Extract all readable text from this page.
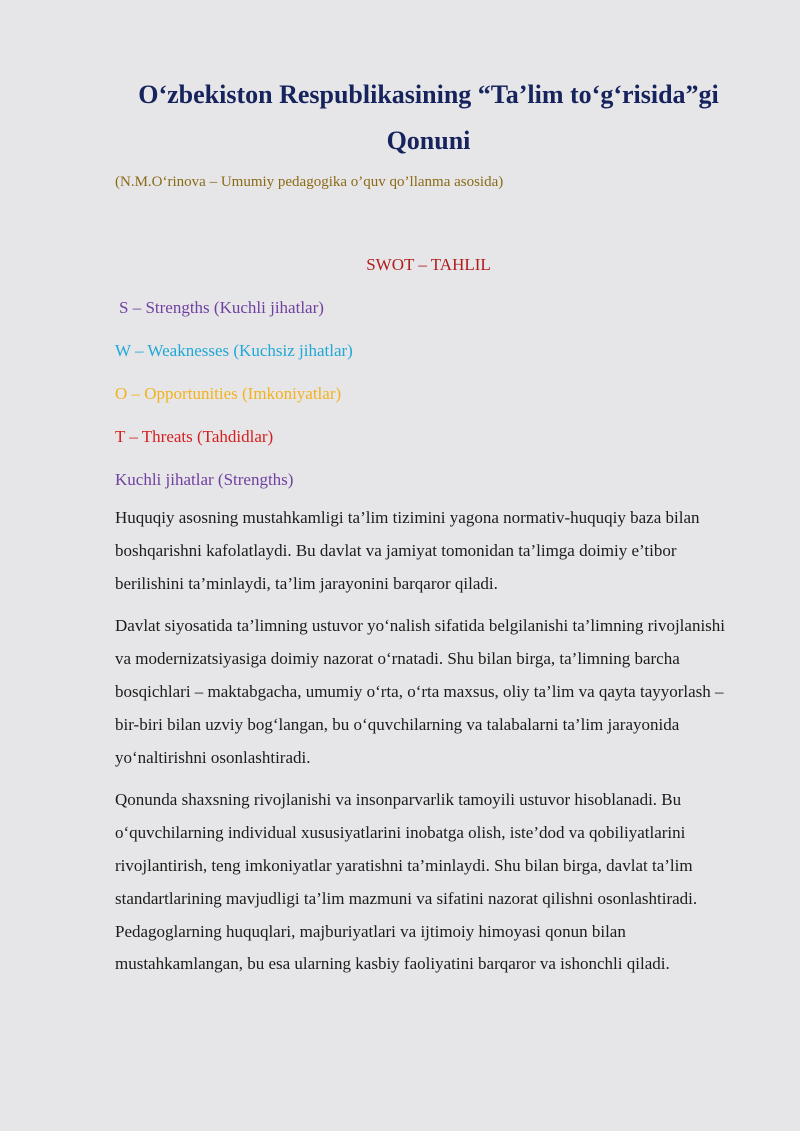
O‘zbekiston Respublikasining “Ta’lim to‘g‘risida”gi Qonuni

(N.M.O‘rinova – Umumiy pedagogika o’quv qo’llanma asosida)

SWOT – TAHLIL

S – Strengths (Kuchli jihatlar)

W – Weaknesses (Kuchsiz jihatlar)

O – Opportunities (Imkoniyatlar)

T – Threats (Tahdidlar)

Kuchli jihatlar (Strengths)

Huquqiy asosning mustahkamligi ta’lim tizimini yagona normativ-huquqiy baza bilan boshqarishni kafolatlaydi. Bu davlat va jamiyat tomonidan ta’limga doimiy e’tibor berilishini ta’minlaydi, ta’lim jarayonini barqaror qiladi.

Davlat siyosatida ta’limning ustuvor yo‘nalish sifatida belgilanishi ta’limning rivojlanishi va modernizatsiyasiga doimiy nazorat o‘rnatadi. Shu bilan birga, ta’limning barcha bosqichlari – maktabgacha, umumiy o‘rta, o‘rta maxsus, oliy ta’lim va qayta tayyorlash – bir-biri bilan uzviy bog‘langan, bu o‘quvchilarning va talabalarni ta’lim jarayonida yo‘naltirishni osonlashtiradi.

Qonunda shaxsning rivojlanishi va insonparvarlik tamoyili ustuvor hisoblanadi. Bu o‘quvchilarning individual xususiyatlarini inobatga olish, iste’dod va qobiliyatlarini rivojlantirish, teng imkoniyatlar yaratishni ta’minlaydi. Shu bilan birga, davlat ta’lim standartlarining mavjudligi ta’lim mazmuni va sifatini nazorat qilishni osonlashtiradi. Pedagoglarning huquqlari, majburiyatlari va ijtimoiy himoyasi qonun bilan mustahkamlangan, bu esa ularning kasbiy faoliyatini barqaror va ishonchli qiladi.
